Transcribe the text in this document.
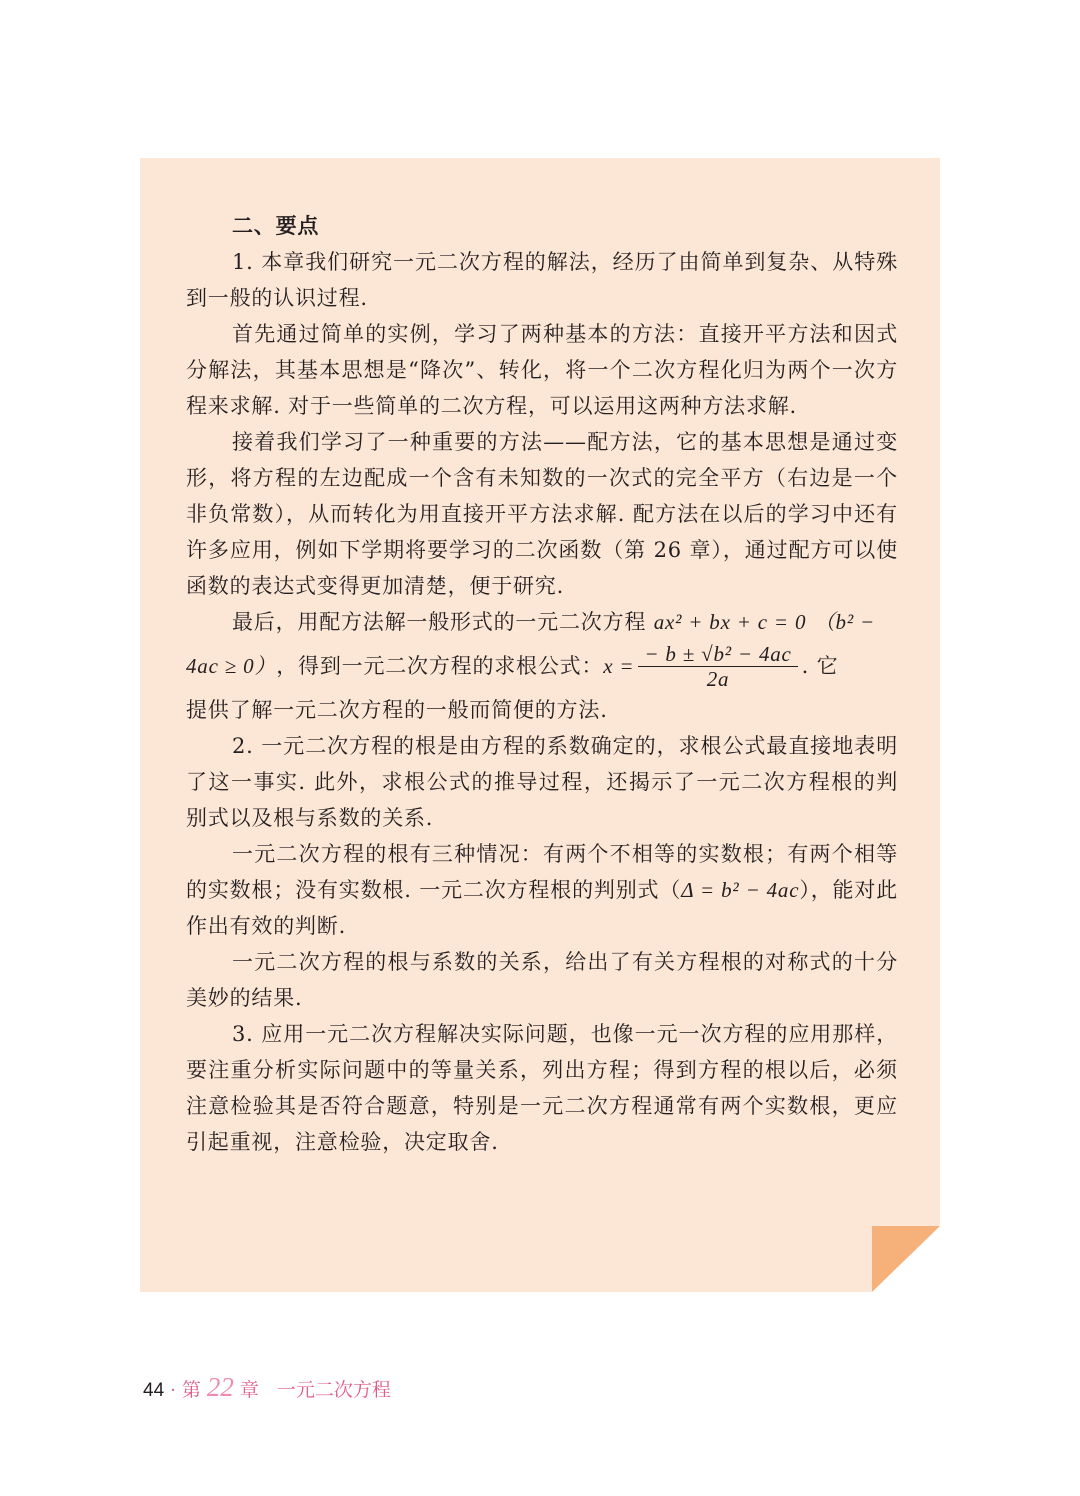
二、要点

1. 本章我们研究一元二次方程的解法，经历了由简单到复杂、从特殊到一般的认识过程.

首先通过简单的实例，学习了两种基本的方法：直接开平方法和因式分解法，其基本思想是“降次”、转化，将一个二次方程化归为两个一次方程来求解. 对于一些简单的二次方程，可以运用这两种方法求解.

接着我们学习了一种重要的方法——配方法，它的基本思想是通过变形，将方程的左边配成一个含有未知数的一次式的完全平方（右边是一个非负常数），从而转化为用直接开平方法求解. 配方法在以后的学习中还有许多应用，例如下学期将要学习的二次函数（第 26 章），通过配方可以使函数的表达式变得更加清楚，便于研究.

最后，用配方法解一般形式的一元二次方程 ax² + bx + c = 0 （b² −

4ac ≥ 0） ，得到一元二次方程的求根公式： $x = \frac{\text{− b ± √b² − 4ac}}{2a}$ . 它

提供了解一元二次方程的一般而简便的方法.

2. 一元二次方程的根是由方程的系数确定的，求根公式最直接地表明了这一事实. 此外，求根公式的推导过程，还揭示了一元二次方程根的判别式以及根与系数的关系.

一元二次方程的根有三种情况：有两个不相等的实数根；有两个相等的实数根；没有实数根. 一元二次方程根的判别式（Δ = b² − 4ac），能对此作出有效的判断.

一元二次方程的根与系数的关系，给出了有关方程根的对称式的十分美妙的结果.

3. 应用一元二次方程解决实际问题，也像一元一次方程的应用那样，要注重分析实际问题中的等量关系，列出方程；得到方程的根以后，必须注意检验其是否符合题意，特别是一元二次方程通常有两个实数根，更应引起重视，注意检验，决定取舍.

44 · 第 22 章 一元二次方程
